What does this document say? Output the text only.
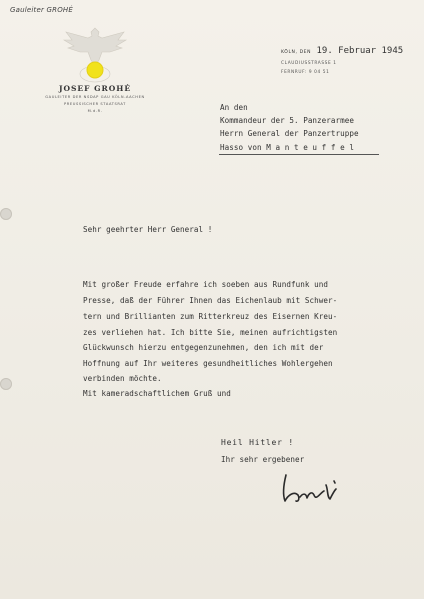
Gauleiter GROHÉ
JOSEF GROHÉ
GAULEITER DER NSDAP GAU KÖLN-AACHEN
PREUSSISCHER STAATSRAT
M.d.R.
KÖLN, DEN 19. Februar 1945
CLAUDIUSSTRASSE 1
FERNRUF: 9 04 51
An den
Kommandeur der 5. Panzerarmee
Herrn General der Panzertruppe
Hasso von M a n t e u f f e l
Sehr geehrter Herr General !
Mit großer Freude erfahre ich soeben aus Rundfunk und
Presse, daß der Führer Ihnen das Eichenlaub mit Schwer-
tern und Brillianten zum Ritterkreuz des Eisernen Kreu-
zes verliehen hat. Ich bitte Sie, meinen aufrichtigsten
Glückwunsch hierzu entgegenzunehmen, den ich mit der
Hoffnung auf Ihr weiteres gesundheitliches Wohlergehen
verbinden möchte.
Mit kameradschaftlichem Gruß und
Heil Hitler !
Ihr sehr ergebener
